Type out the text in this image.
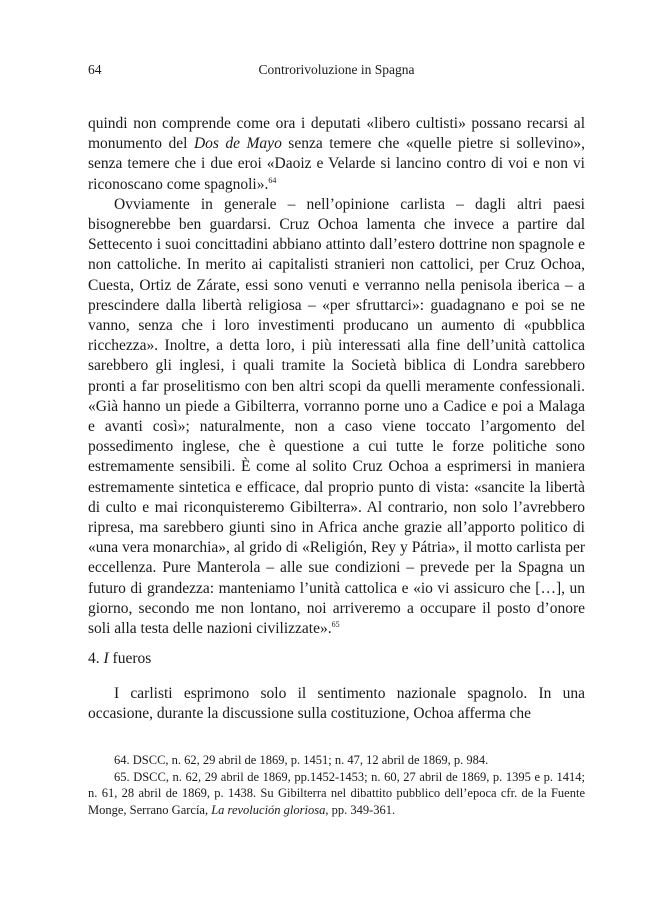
64	Controrivoluzione in Spagna

quindi non comprende come ora i deputati «libero cultisti» possano recarsi al monumento del Dos de Mayo senza temere che «quelle pietre si sollevino», senza temere che i due eroi «Daoiz e Velarde si lancino contro di voi e non vi riconoscano come spagnoli».$^{64}$

Ovviamente in generale – nell’opinione carlista – dagli altri paesi bisognerebbe ben guardarsi. Cruz Ochoa lamenta che invece a partire dal Settecento i suoi concittadini abbiano attinto dall’estero dottrine non spagnole e non cattoliche. In merito ai capitalisti stranieri non cattolici, per Cruz Ochoa, Cuesta, Ortiz de Zárate, essi sono venuti e verranno nella penisola iberica – a prescindere dalla libertà religiosa – «per sfruttarci»: guadagnano e poi se ne vanno, senza che i loro investimenti producano un aumento di «pubblica ricchezza». Inoltre, a detta loro, i più interessati alla fine dell’unità cattolica sarebbero gli inglesi, i quali tramite la Società biblica di Londra sarebbero pronti a far proselitismo con ben altri scopi da quelli meramente confessionali. «Già hanno un piede a Gibilterra, vorranno porne uno a Cadice e poi a Malaga e avanti così»; naturalmente, non a caso viene toccato l’argomento del possedimento inglese, che è questione a cui tutte le forze politiche sono estremamente sensibili. È come al solito Cruz Ochoa a esprimersi in maniera estremamente sintetica e efficace, dal proprio punto di vista: «sancite la libertà di culto e mai riconquisteremo Gibilterra». Al contrario, non solo l’avrebbero ripresa, ma sarebbero giunti sino in Africa anche grazie all’apporto politico di «una vera monarchia», al grido di «Religión, Rey y Pátria», il motto carlista per eccellenza. Pure Manterola – alle sue condizioni – prevede per la Spagna un futuro di grandezza: manteniamo l’unità cattolica e «io vi assicuro che […], un giorno, secondo me non lontano, noi arriveremo a occupare il posto d’onore soli alla testa delle nazioni civilizzate».$^{65}$

4. I fueros

I carlisti esprimono solo il sentimento nazionale spagnolo. In una occasione, durante la discussione sulla costituzione, Ochoa afferma che

64. DSCC, n. 62, 29 abril de 1869, p. 1451; n. 47, 12 abril de 1869, p. 984.

65. DSCC, n. 62, 29 abril de 1869, pp.1452-1453; n. 60, 27 abril de 1869, p. 1395 e p. 1414; n. 61, 28 abril de 1869, p. 1438. Su Gibilterra nel dibattito pubblico dell’epoca cfr. de la Fuente Monge, Serrano García, La revolución gloriosa, pp. 349-361.
